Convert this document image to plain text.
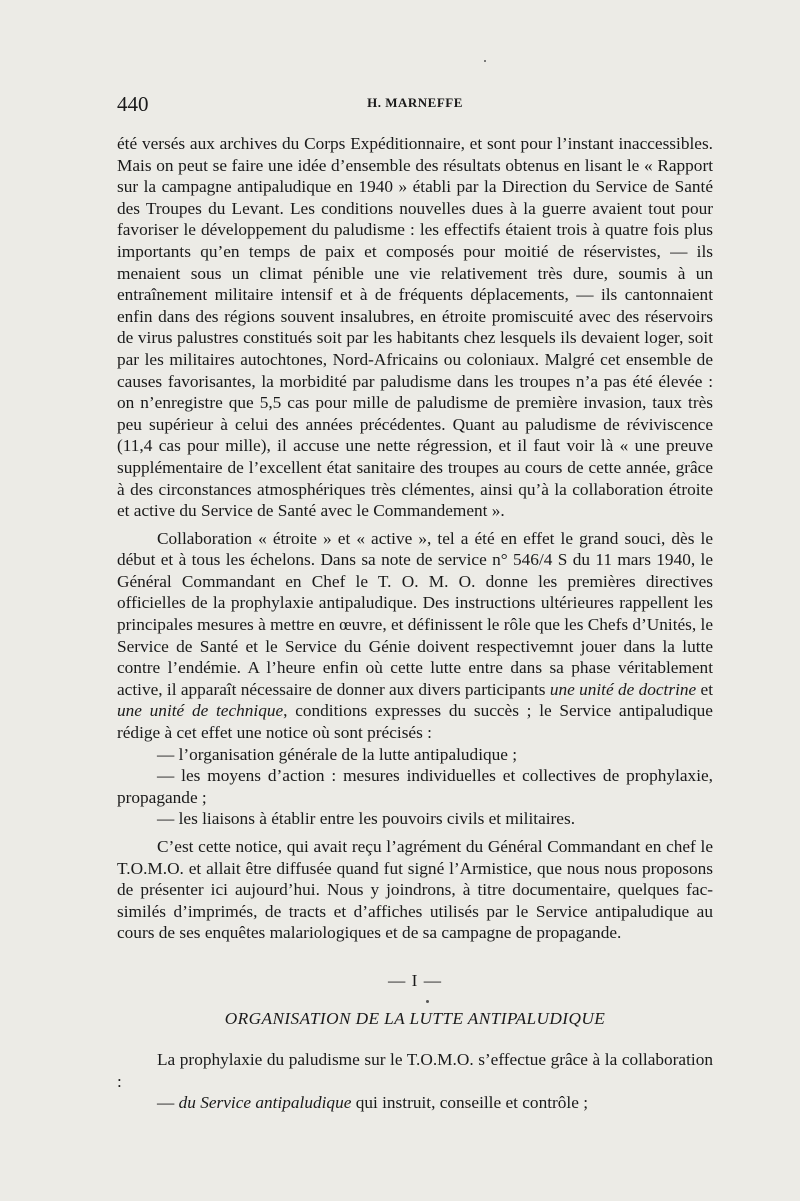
440	H. MARNEFFE

été versés aux archives du Corps Expéditionnaire, et sont pour l’instant inaccessibles. Mais on peut se faire une idée d’ensemble des résultats obtenus en lisant le « Rapport sur la campagne antipaludique en 1940 » établi par la Direction du Service de Santé des Troupes du Levant. Les conditions nouvelles dues à la guerre avaient tout pour favoriser le développement du paludisme : les effectifs étaient trois à quatre fois plus importants qu’en temps de paix et composés pour moitié de réservistes, — ils menaient sous un climat pénible une vie relativement très dure, soumis à un entraînement militaire intensif et à de fréquents déplacements, — ils cantonnaient enfin dans des régions souvent insalubres, en étroite promiscuité avec des réservoirs de virus palustres constitués soit par les habitants chez lesquels ils devaient loger, soit par les militaires autochtones, Nord-Africains ou coloniaux. Malgré cet ensemble de causes favorisantes, la morbidité par paludisme dans les troupes n’a pas été élevée : on n’enregistre que 5,5 cas pour mille de paludisme de première invasion, taux très peu supérieur à celui des années précédentes. Quant au paludisme de réviviscence (11,4 cas pour mille), il accuse une nette régression, et il faut voir là « une preuve supplémentaire de l’excellent état sanitaire des troupes au cours de cette année, grâce à des circonstances atmosphériques très clémentes, ainsi qu’à la collaboration étroite et active du Service de Santé avec le Commandement ».

Collaboration « étroite » et « active », tel a été en effet le grand souci, dès le début et à tous les échelons. Dans sa note de service n° 546/4 S du 11 mars 1940, le Général Commandant en Chef le T. O. M. O. donne les premières directives officielles de la prophylaxie antipaludique. Des instructions ultérieures rappellent les principales mesures à mettre en œuvre, et définissent le rôle que les Chefs d’Unités, le Service de Santé et le Service du Génie doivent respectivemnt jouer dans la lutte contre l’endémie. A l’heure enfin où cette lutte entre dans sa phase véritablement active, il apparaît nécessaire de donner aux divers participants une unité de doctrine et une unité de technique, conditions expresses du succès ; le Service antipaludique rédige à cet effet une notice où sont précisés :

— l’organisation générale de la lutte antipaludique ;

— les moyens d’action : mesures individuelles et collectives de prophylaxie, propagande ;

— les liaisons à établir entre les pouvoirs civils et militaires.

C’est cette notice, qui avait reçu l’agrément du Général Commandant en chef le T.O.M.O. et allait être diffusée quand fut signé l’Armistice, que nous nous proposons de présenter ici aujourd’hui. Nous y joindrons, à titre documentaire, quelques fac-similés d’imprimés, de tracts et d’affiches utilisés par le Service antipaludique au cours de ses enquêtes malariologiques et de sa campagne de propagande.

— I —

ORGANISATION DE LA LUTTE ANTIPALUDIQUE

La prophylaxie du paludisme sur le T.O.M.O. s’effectue grâce à la collaboration :

— du Service antipaludique qui instruit, conseille et contrôle ;
